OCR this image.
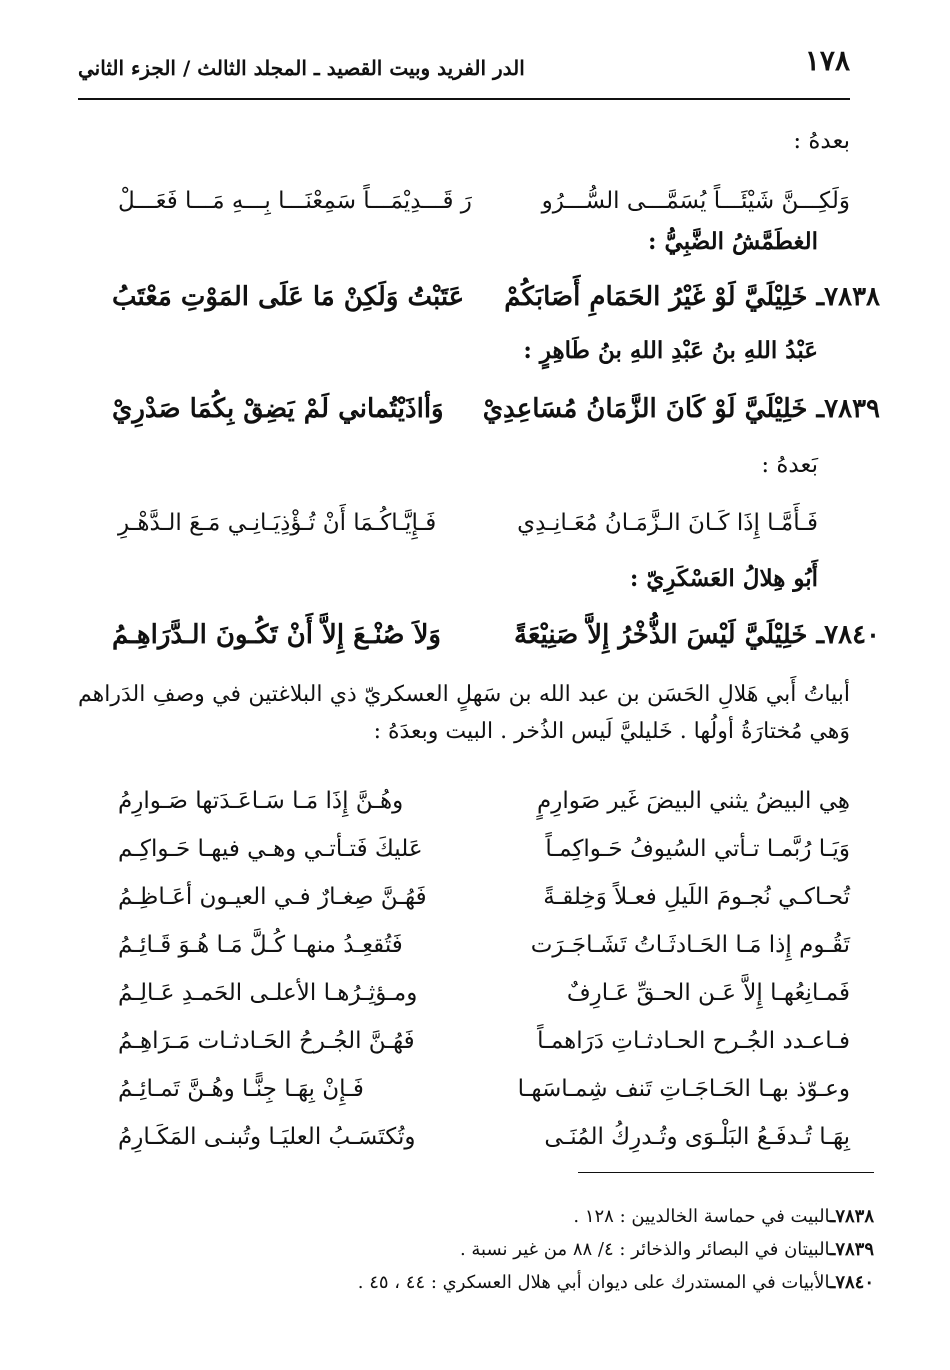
١٧٨
الدر الفريد وبيت القصيد ـ المجلد الثالث / الجزء الثاني
بعدهُ :
وَلَكِـــنَّ شَيْئَـــاً يُسَمَّـــى السُّـــرُو
رَ قَـــدِيْمَـــاً سَمِعْنَـــا بِـــهِ مَـــا فَعَـــلْ
الغطَمَّشُ الضَّبِيُّ :
٧٨٣٨ـ خَلِيْلَيَّ لَوْ غَيْرُ الحَمَامِ أَصَابَكُمْ
عَتَبْتُ وَلَكِنْ مَا عَلَى المَوْتِ مَعْتَبُ
عَبْدُ اللهِ بنُ عَبْدِ اللهِ بنُ طَاهِرٍ :
٧٨٣٩ـ خَلِيْلَيَّ لَوْ كَانَ الزَّمَانُ مُسَاعِدِيْ
وَأاذَيْتُماني لَمْ يَضِقْ بِكُمَا صَدْرِيْ
بَعدهُ :
فَـأَمَّـا إِذَا كَـانَ الـزَّمَـانُ مُعَـانِـدِي
فَـإِيَّـاكُـمَا أَنْ تُـؤْذِيَـانِـي مَـعَ الـدَّهْـرِ
أَبُو هِلالُ العَسْكَرِيّ :
٧٨٤٠ـ خَلِيْلَيَّ لَيْسَ الذُّخْرُ إِلاَّ صَنِيْعَةً
وَلاَ صُنْـعَ إِلاَّ أَنْ تَكُـونَ الـدَّرَاهِـمُ
أبياتُ أَبي هَلالِ الحَسَن بن عبد الله بن سَهلٍ العسكريّ ذي البلاغتين في وصفِ الدَراهم وَهي مُختارَةُ أولُها . خَليليَّ لَيس الذُخر . البيت وبعدَهُ :
هِي البيضُ يثني البيضَ غَير صَوارِمٍ
وهُـنَّ إِذَا مَـا سَـاعَـدَتها صَـوارِمُ
وَيَـا رُبَّمـا تـأتي السُيوفُ حَـواكِمـاً
عَليكَ فَتـأتـي وهـي فيهـا حَـواكِـم
تُحـاكـي نُجـومَ اللَيلِ فعـلاً وَخِلقـةً
فَهُـنَّ صِغـارٌ فـي العيـون أعَـاظِـمُ
تَقُـوم إِذا مَـا الحَـادثَـاتُ تَشَـاجَـرَت
فَتُقعِـدُ منهـا كُـلَّ مَـا هُـوَ قَـائِـمُ
فَمـانِعُهـا إِلاَّ عَـن الحـقِّ عَـارِفٌ
ومـؤثِـرُهـا الأعلـى الحَمـدِ عَـالِـمُ
فـاعـدد الجُـرح الحـادثـاتِ دَرَاهمـاً
فَهُـنَّ الجُـرحُ الحَـادثـات مَـرَاهِـمُ
وعـوّذ بهـا الحَـاجَـاتِ تَنف شِمـاسَهـا
فَـإِنْ بِهَـا جِنًّـا وهُـنَّ تَمـائِـمُ
بِهَـا تُـدفَـعُ البَلْـوَى وتُـدرِكُ المُنَـى
وتُكتَسَـبُ العليَـا وتُبنـى المَكَـارِمُ
٧٨٣٨ـالبيت في حماسة الخالديين : ١٢٨ .
٧٨٣٩ـالبيتان في البصائر والذخائر : ٤/ ٨٨ من غير نسبة .
٧٨٤٠ـالأبيات في المستدرك على ديوان أبي هلال العسكري : ٤٤ ، ٤٥ .
